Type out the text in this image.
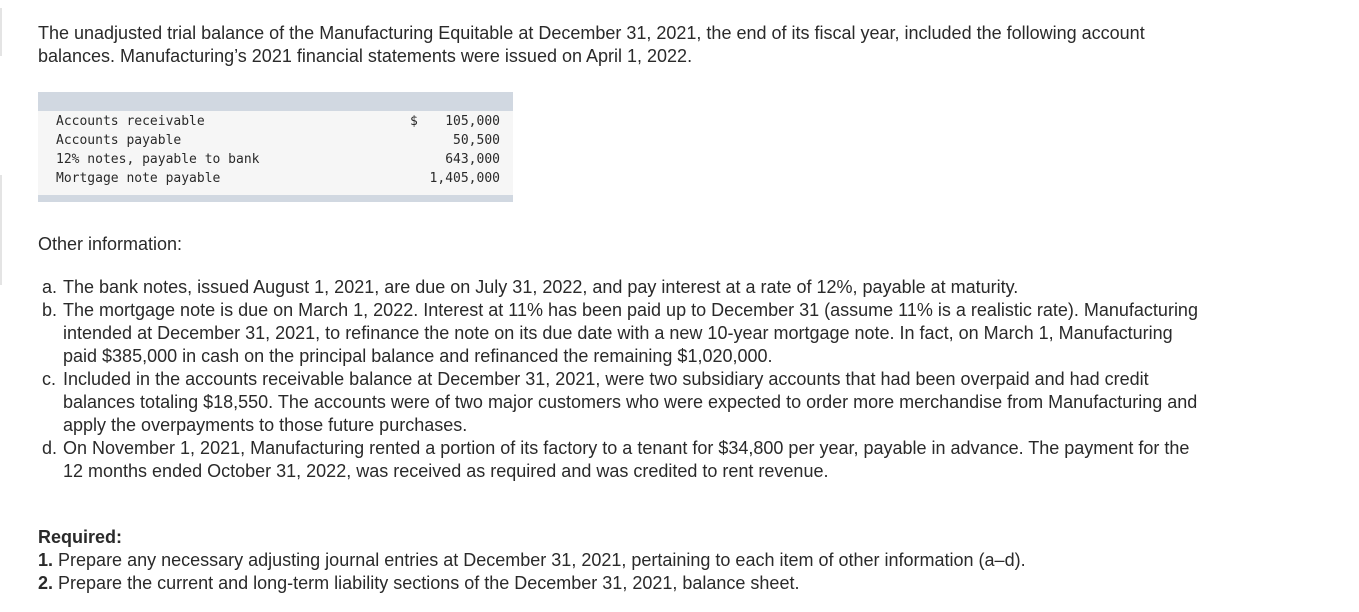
The unadjusted trial balance of the Manufacturing Equitable at December 31, 2021, the end of its fiscal year, included the following account balances. Manufacturing’s 2021 financial statements were issued on April 1, 2022.

Accounts receivable	$ 105,000
Accounts payable	50,500
12% notes, payable to bank	643,000
Mortgage note payable	1,405,000

Other information:

a. The bank notes, issued August 1, 2021, are due on July 31, 2022, and pay interest at a rate of 12%, payable at maturity.
b. The mortgage note is due on March 1, 2022. Interest at 11% has been paid up to December 31 (assume 11% is a realistic rate). Manufacturing intended at December 31, 2021, to refinance the note on its due date with a new 10-year mortgage note. In fact, on March 1, Manufacturing paid $385,000 in cash on the principal balance and refinanced the remaining $1,020,000.
c. Included in the accounts receivable balance at December 31, 2021, were two subsidiary accounts that had been overpaid and had credit balances totaling $18,550. The accounts were of two major customers who were expected to order more merchandise from Manufacturing and apply the overpayments to those future purchases.
d. On November 1, 2021, Manufacturing rented a portion of its factory to a tenant for $34,800 per year, payable in advance. The payment for the 12 months ended October 31, 2022, was received as required and was credited to rent revenue.

Required:

1. Prepare any necessary adjusting journal entries at December 31, 2021, pertaining to each item of other information (a–d).

2. Prepare the current and long-term liability sections of the December 31, 2021, balance sheet.
